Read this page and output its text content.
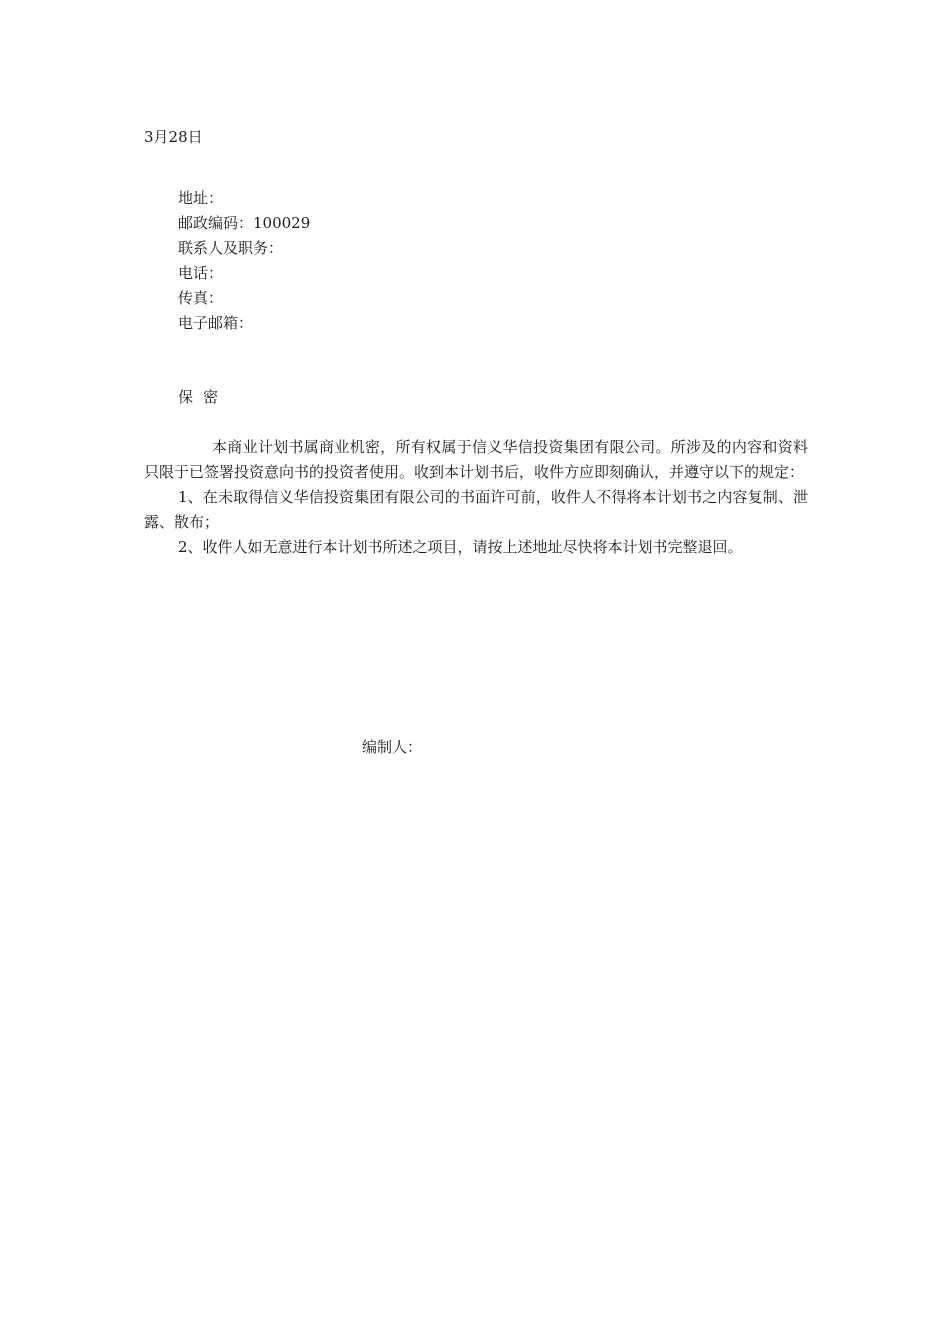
3月28日
地址：
邮政编码：100029
联系人及职务：
电话：
传真：
电子邮箱：
保密

本商业计划书属商业机密，所有权属于信义华信投资集团有限公司。所涉及的内容和资料只限于已签署投资意向书的投资者使用。收到本计划书后，收件方应即刻确认，并遵守以下的规定：

1、在未取得信义华信投资集团有限公司的书面许可前，收件人不得将本计划书之内容复制、泄露、散布；

2、收件人如无意进行本计划书所述之项目，请按上述地址尽快将本计划书完整退回。

编制人：
